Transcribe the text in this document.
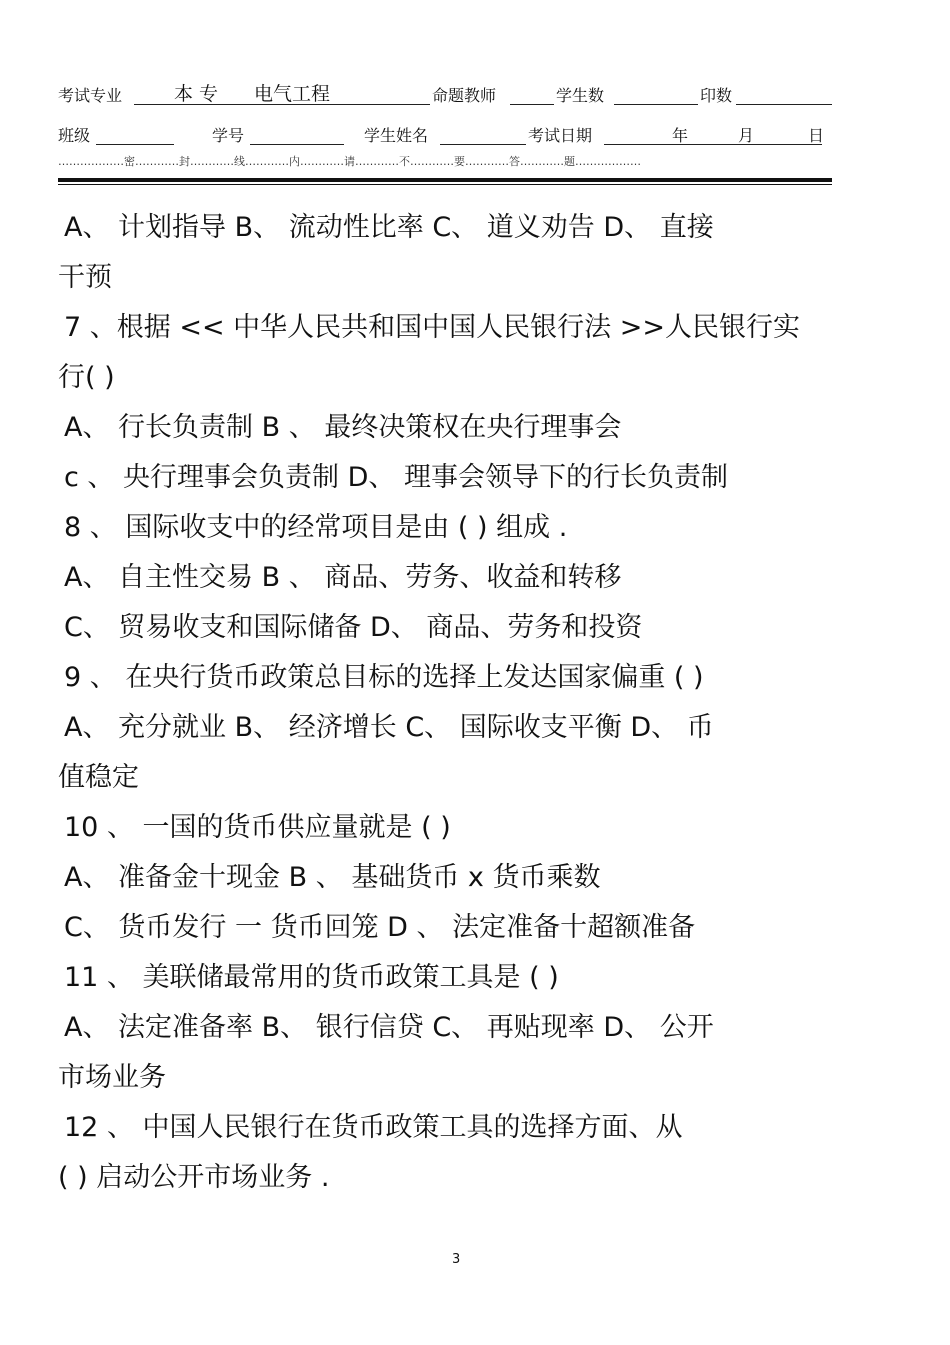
考试专业	本 专 电气工程	命题教师	学生数	印数
班级	学号	学生姓名	考试日期	年	月	日
………………密…………封…………线…………内…………请…………不…………要…………答…………题………………
A、 计划指导 B、 流动性比率 C、 道义劝告 D、 直接
干预
7 、根据 << 中华人民共和国中国人民银行法 >>人民银行实
行( )
A、 行长负责制 B 、 最终决策权在央行理事会
c 、 央行理事会负责制 D、 理事会领导下的行长负责制
8 、 国际收支中的经常项目是由 ( ) 组成 .
A、 自主性交易 B 、 商品、劳务、收益和转移
C、 贸易收支和国际储备 D、 商品、劳务和投资
9 、 在央行货币政策总目标的选择上发达国家偏重 ( )
A、 充分就业 B、 经济增长 C、 国际收支平衡 D、 币
值稳定
10 、 一国的货币供应量就是 ( )
A、 准备金十现金 B 、 基础货币 x 货币乘数
C、 货币发行 一 货币回笼 D 、 法定准备十超额准备
11 、 美联储最常用的货币政策工具是 ( )
A、 法定准备率 B、 银行信贷 C、 再贴现率 D、 公开
市场业务
12 、 中国人民银行在货币政策工具的选择方面、从
( ) 启动公开市场业务 .
3
